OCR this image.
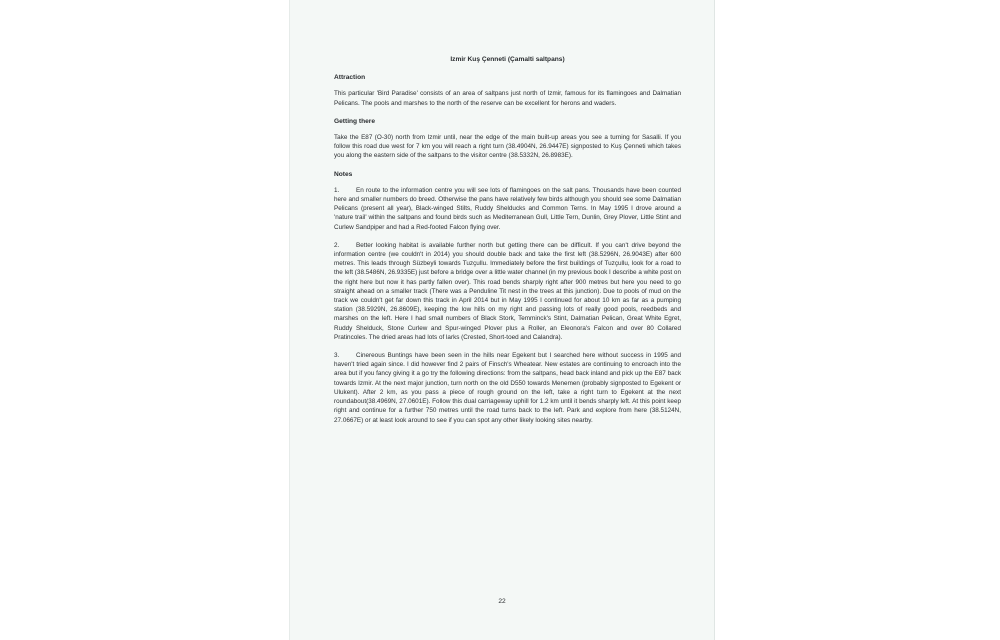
Izmir Kuş Çenneti (Çamalti saltpans)
Attraction
This particular 'Bird Paradise' consists of an area of saltpans just north of Izmir, famous for its flamingoes and Dalmatian Pelicans. The pools and marshes to the north of the reserve can be excellent for herons and waders.
Getting there
Take the E87 (O-30) north from Izmir until, near the edge of the main built-up areas you see a turning for Sasalli. If you follow this road due west for 7 km you will reach a right turn (38.4904N, 26.9447E) signposted to Kuş Çenneti which takes you along the eastern side of the saltpans to the visitor centre (38.5332N, 26.8983E).
Notes
1.	En route to the information centre you will see lots of flamingoes on the salt pans. Thousands have been counted here and smaller numbers do breed. Otherwise the pans have relatively few birds although you should see some Dalmatian Pelicans (present all year), Black-winged Stilts, Ruddy Shelducks and Common Terns. In May 1995 I drove around a 'nature trail' within the saltpans and found birds such as Mediterranean Gull, Little Tern, Dunlin, Grey Plover, Little Stint and Curlew Sandpiper and had a Red-footed Falcon flying over.
2.	Better looking habitat is available further north but getting there can be difficult. If you can't drive beyond the information centre (we couldn't in 2014) you should double back and take the first left (38.5296N, 26.9043E) after 600 metres. This leads through Süzbeyli towards Tuzçullu. Immediately before the first buildings of Tuzçullu, look for a road to the left (38.5486N, 26.9335E) just before a bridge over a little water channel (in my previous book I describe a white post on the right here but now it has partly fallen over). This road bends sharply right after 900 metres but here you need to go straight ahead on a smaller track (There was a Penduline Tit nest in the trees at this junction). Due to pools of mud on the track we couldn't get far down this track in April 2014 but in May 1995 I continued for about 10 km as far as a pumping station (38.5929N, 26.8609E), keeping the low hills on my right and passing lots of really good pools, reedbeds and marshes on the left. Here I had small numbers of Black Stork, Temminck's Stint, Dalmatian Pelican, Great White Egret, Ruddy Shelduck, Stone Curlew and Spur-winged Plover plus a Roller, an Eleonora's Falcon and over 80 Collared Pratincoles. The dried areas had lots of larks (Crested, Short-toed and Calandra).
3.	Cinereous Buntings have been seen in the hills near Egekent but I searched here without success in 1995 and haven't tried again since. I did however find 2 pairs of Finsch's Wheatear. New estates are continuing to encroach into the area but if you fancy giving it a go try the following directions: from the saltpans, head back inland and pick up the E87 back towards Izmir. At the next major junction, turn north on the old D550 towards Menemen (probably signposted to Egekent or Ulukent). After 2 km, as you pass a piece of rough ground on the left, take a right turn to Egekent at the next roundabout(38.4969N, 27.0601E). Follow this dual carriageway uphill for 1.2 km until it bends sharply left. At this point keep right and continue for a further 750 metres until the road turns back to the left. Park and explore from here (38.5124N, 27.0667E) or at least look around to see if you can spot any other likely looking sites nearby.
22
